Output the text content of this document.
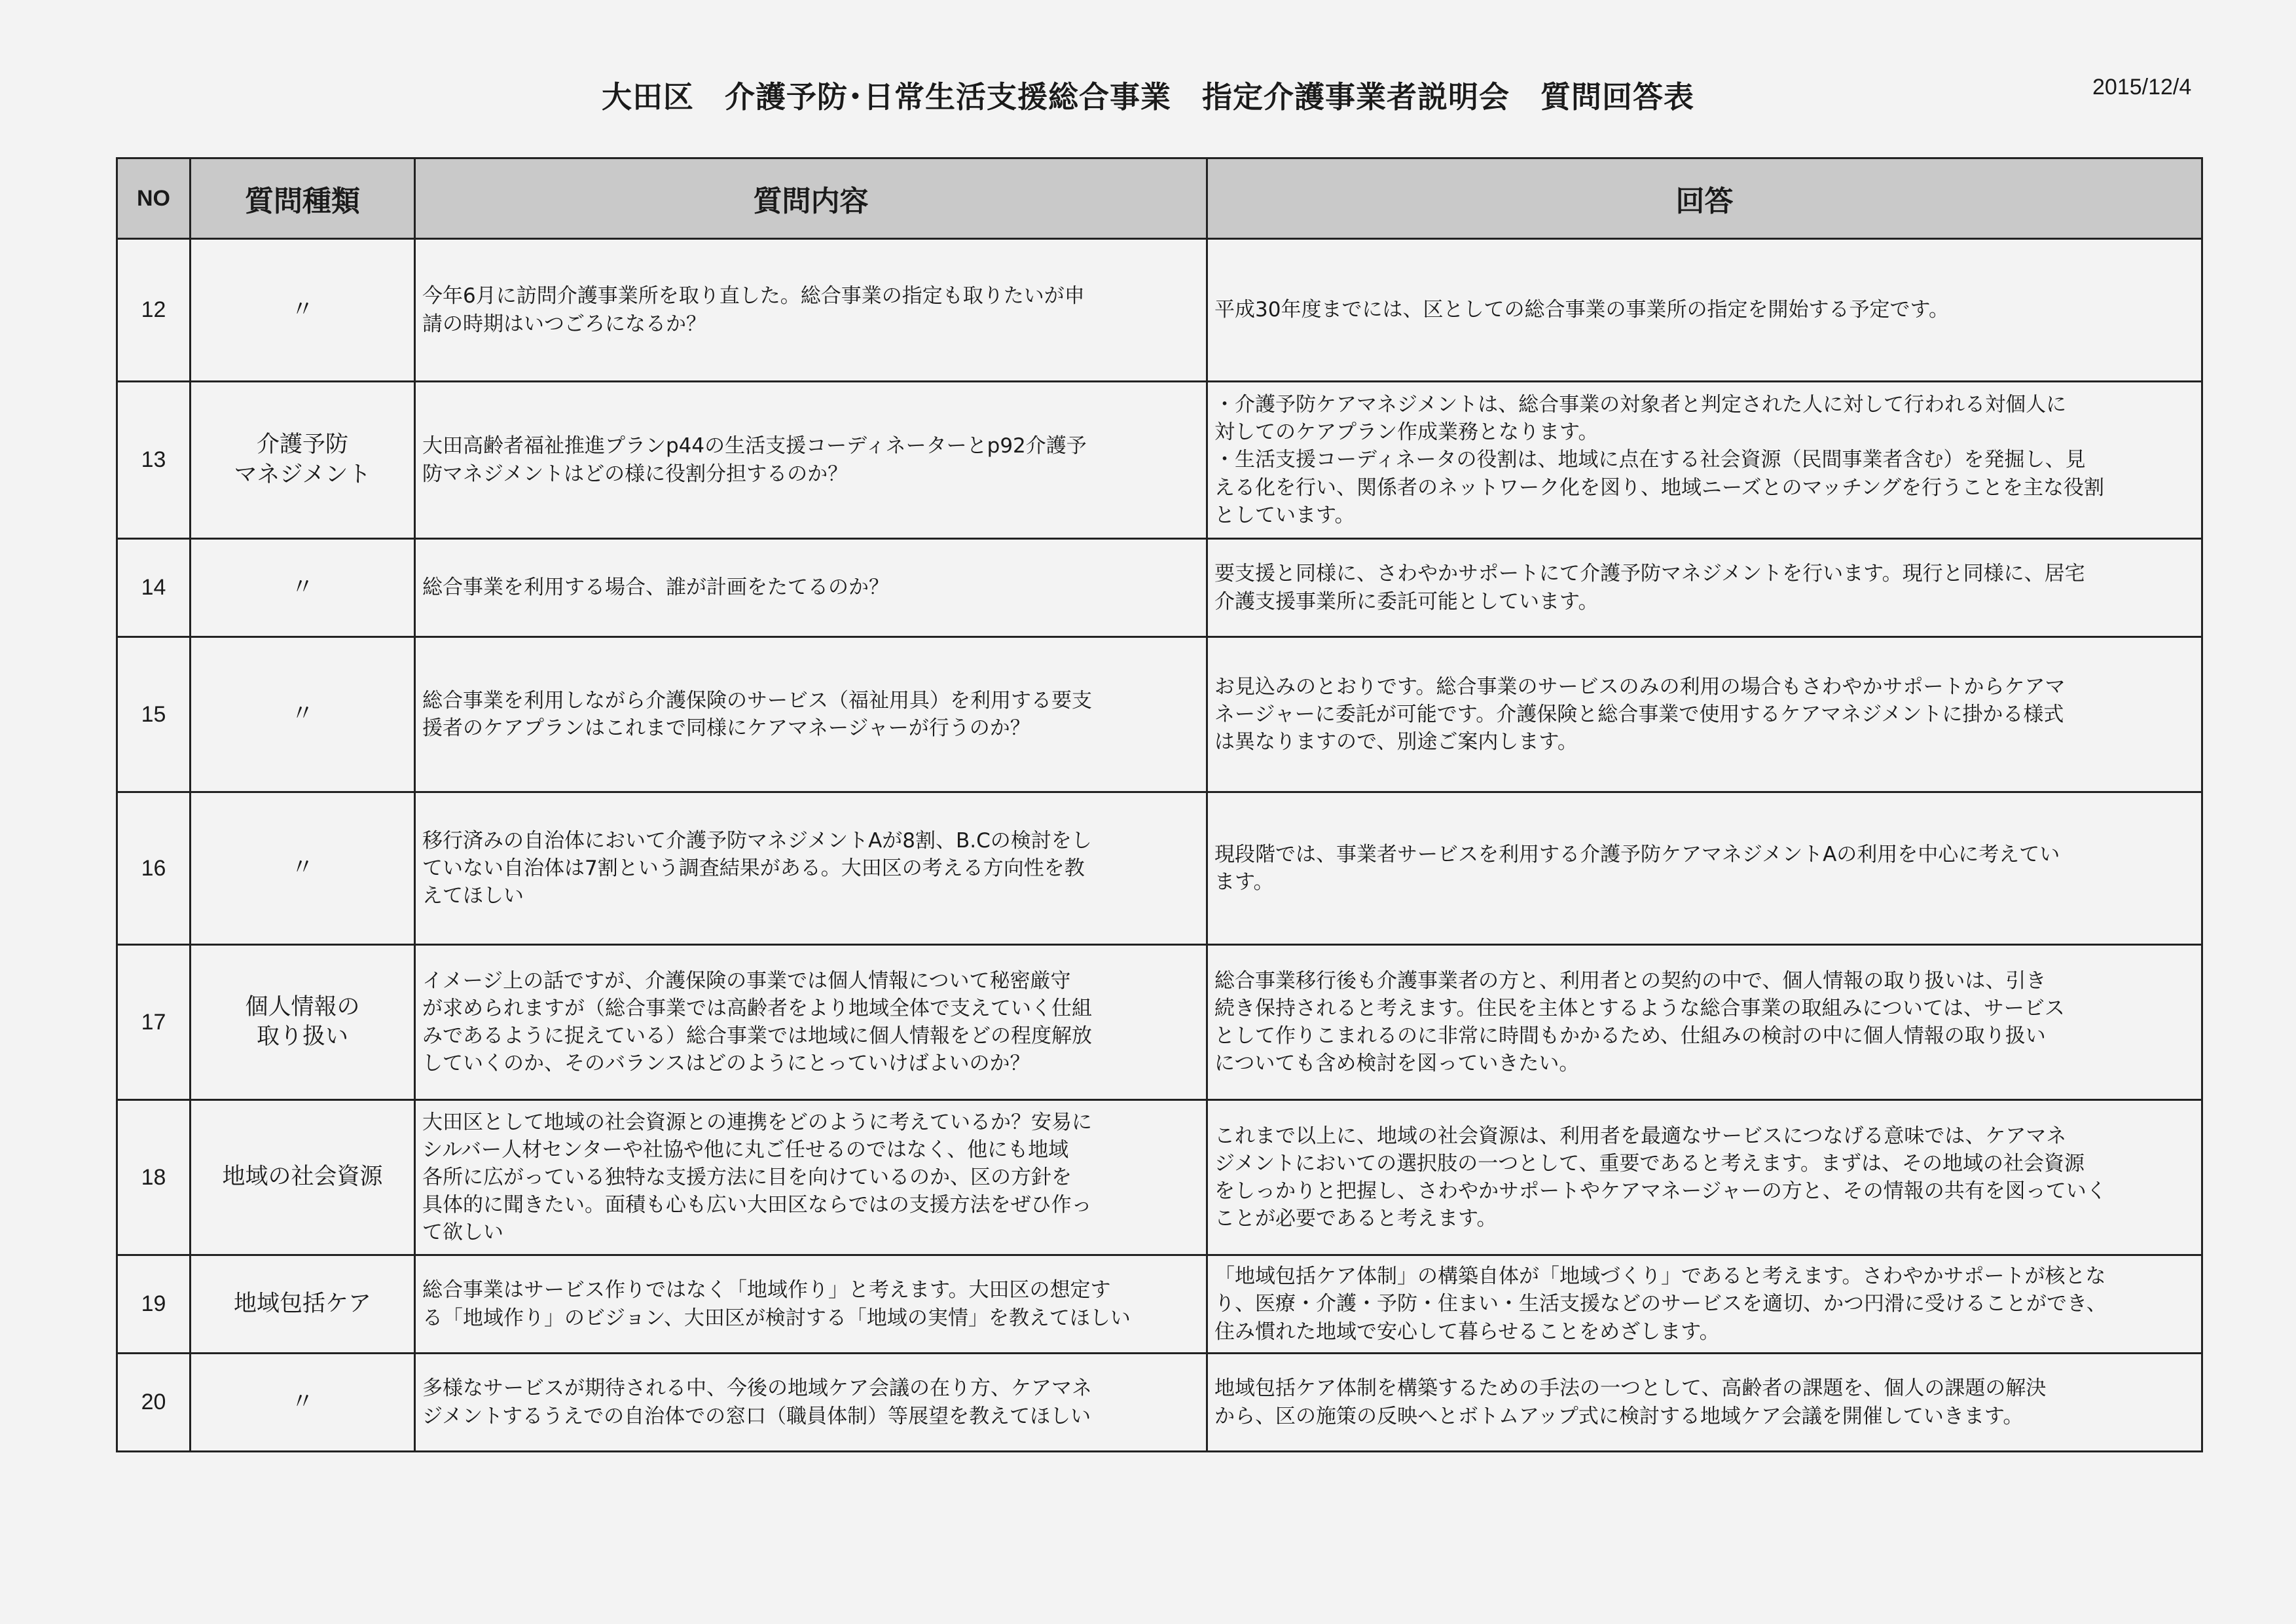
大田区　介護予防･日常生活支援総合事業　指定介護事業者説明会　質問回答表	2015/12/4
NO	質問種類	質問内容	回答
12	〃	今年6月に訪問介護事業所を取り直した。総合事業の指定も取りたいが申
請の時期はいつごろになるか？	平成30年度までには、区としての総合事業の事業所の指定を開始する予定です。
13	介護予防
マネジメント	大田高齢者福祉推進プランp44の生活支援コーディネーターとp92介護予
防マネジメントはどの様に役割分担するのか？	・介護予防ケアマネジメントは、総合事業の対象者と判定された人に対して行われる対個人に
対してのケアプラン作成業務となります。
・生活支援コーディネータの役割は、地域に点在する社会資源（民間事業者含む）を発掘し、見
える化を行い、関係者のネットワーク化を図り、地域ニーズとのマッチングを行うことを主な役割
としています。
14	〃	総合事業を利用する場合、誰が計画をたてるのか？	要支援と同様に、さわやかサポートにて介護予防マネジメントを行います。現行と同様に、居宅
介護支援事業所に委託可能としています。
15	〃	総合事業を利用しながら介護保険のサービス（福祉用具）を利用する要支
援者のケアプランはこれまで同様にケアマネージャーが行うのか？	お見込みのとおりです。総合事業のサービスのみの利用の場合もさわやかサポートからケアマ
ネージャーに委託が可能です。介護保険と総合事業で使用するケアマネジメントに掛かる様式
は異なりますので、別途ご案内します。
16	〃	移行済みの自治体において介護予防マネジメントAが8割、B.Cの検討をし
ていない自治体は7割という調査結果がある。大田区の考える方向性を教
えてほしい	現段階では、事業者サービスを利用する介護予防ケアマネジメントAの利用を中心に考えてい
ます。
17	個人情報の
取り扱い	イメージ上の話ですが、介護保険の事業では個人情報について秘密厳守
が求められますが（総合事業では高齢者をより地域全体で支えていく仕組
みであるように捉えている）総合事業では地域に個人情報をどの程度解放
していくのか、そのバランスはどのようにとっていけばよいのか？	総合事業移行後も介護事業者の方と、利用者との契約の中で、個人情報の取り扱いは、引き
続き保持されると考えます。住民を主体とするような総合事業の取組みについては、サービス
として作りこまれるのに非常に時間もかかるため、仕組みの検討の中に個人情報の取り扱い
についても含め検討を図っていきたい。
18	地域の社会資源	大田区として地域の社会資源との連携をどのように考えているか？安易に
シルバー人材センターや社協や他に丸ご任せるのではなく、他にも地域
各所に広がっている独特な支援方法に目を向けているのか、区の方針を
具体的に聞きたい。面積も心も広い大田区ならではの支援方法をぜひ作っ
て欲しい	これまで以上に、地域の社会資源は、利用者を最適なサービスにつなげる意味では、ケアマネ
ジメントにおいての選択肢の一つとして、重要であると考えます。まずは、その地域の社会資源
をしっかりと把握し、さわやかサポートやケアマネージャーの方と、その情報の共有を図っていく
ことが必要であると考えます。
19	地域包括ケア	総合事業はサービス作りではなく「地域作り」と考えます。大田区の想定す
る「地域作り」のビジョン、大田区が検討する「地域の実情」を教えてほしい	「地域包括ケア体制」の構築自体が「地域づくり」であると考えます。さわやかサポートが核とな
り、医療・介護・予防・住まい・生活支援などのサービスを適切、かつ円滑に受けることができ、
住み慣れた地域で安心して暮らせることをめざします。
20	〃	多様なサービスが期待される中、今後の地域ケア会議の在り方、ケアマネ
ジメントするうえでの自治体での窓口（職員体制）等展望を教えてほしい	地域包括ケア体制を構築するための手法の一つとして、高齢者の課題を、個人の課題の解決
から、区の施策の反映へとボトムアップ式に検討する地域ケア会議を開催していきます。
